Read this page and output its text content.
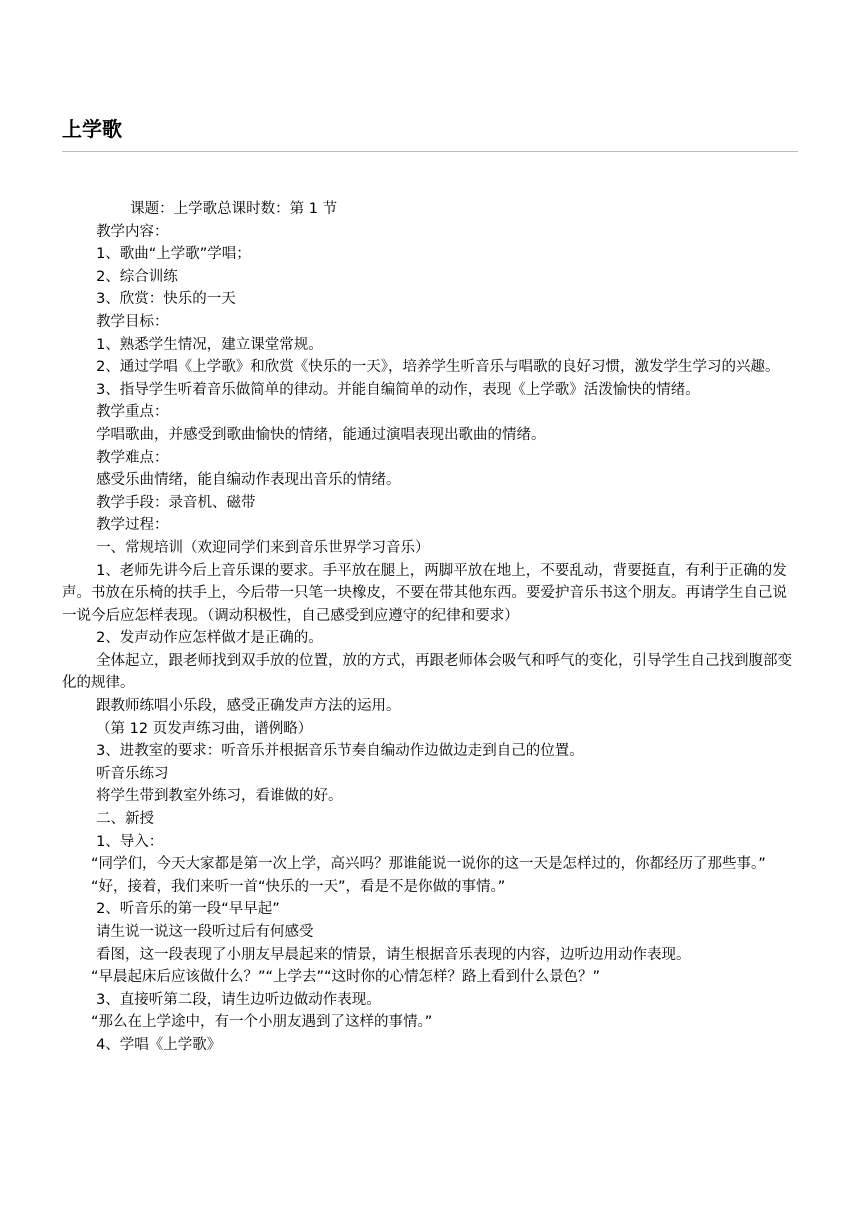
上学歌

课题：上学歌总课时数：第 1 节

教学内容：

1、歌曲“上学歌”学唱；

2、综合训练

3、欣赏：快乐的一天

教学目标：

1、熟悉学生情况，建立课堂常规。

2、通过学唱《上学歌》和欣赏《快乐的一天》，培养学生听音乐与唱歌的良好习惯，激发学生学习的兴趣。

3、指导学生听着音乐做简单的律动。并能自编简单的动作，表现《上学歌》活泼愉快的情绪。

教学重点：

学唱歌曲，并感受到歌曲愉快的情绪，能通过演唱表现出歌曲的情绪。

教学难点：

感受乐曲情绪，能自编动作表现出音乐的情绪。

教学手段：录音机、磁带

教学过程：

一、常规培训（欢迎同学们来到音乐世界学习音乐）

1、老师先讲今后上音乐课的要求。手平放在腿上，两脚平放在地上，不要乱动，背要挺直，有利于正确的发声。书放在乐椅的扶手上，今后带一只笔一块橡皮，不要在带其他东西。要爱护音乐书这个朋友。再请学生自己说一说今后应怎样表现。（调动积极性，自己感受到应遵守的纪律和要求）

2、发声动作应怎样做才是正确的。

全体起立，跟老师找到双手放的位置，放的方式，再跟老师体会吸气和呼气的变化，引导学生自己找到腹部变化的规律。

跟教师练唱小乐段，感受正确发声方法的运用。

（第 12 页发声练习曲，谱例略）

3、进教室的要求：听音乐并根据音乐节奏自编动作边做边走到自己的位置。

听音乐练习

将学生带到教室外练习，看谁做的好。

二、新授

1、导入：

“同学们，今天大家都是第一次上学，高兴吗？那谁能说一说你的这一天是怎样过的，你都经历了那些事。”

“好，接着，我们来听一首“快乐的一天”，看是不是你做的事情。”

2、听音乐的第一段“早早起”

请生说一说这一段听过后有何感受

看图，这一段表现了小朋友早晨起来的情景，请生根据音乐表现的内容，边听边用动作表现。

“早晨起床后应该做什么？”“上学去”“这时你的心情怎样？路上看到什么景色？”

3、直接听第二段，请生边听边做动作表现。

“那么在上学途中，有一个小朋友遇到了这样的事情。”

4、学唱《上学歌》
